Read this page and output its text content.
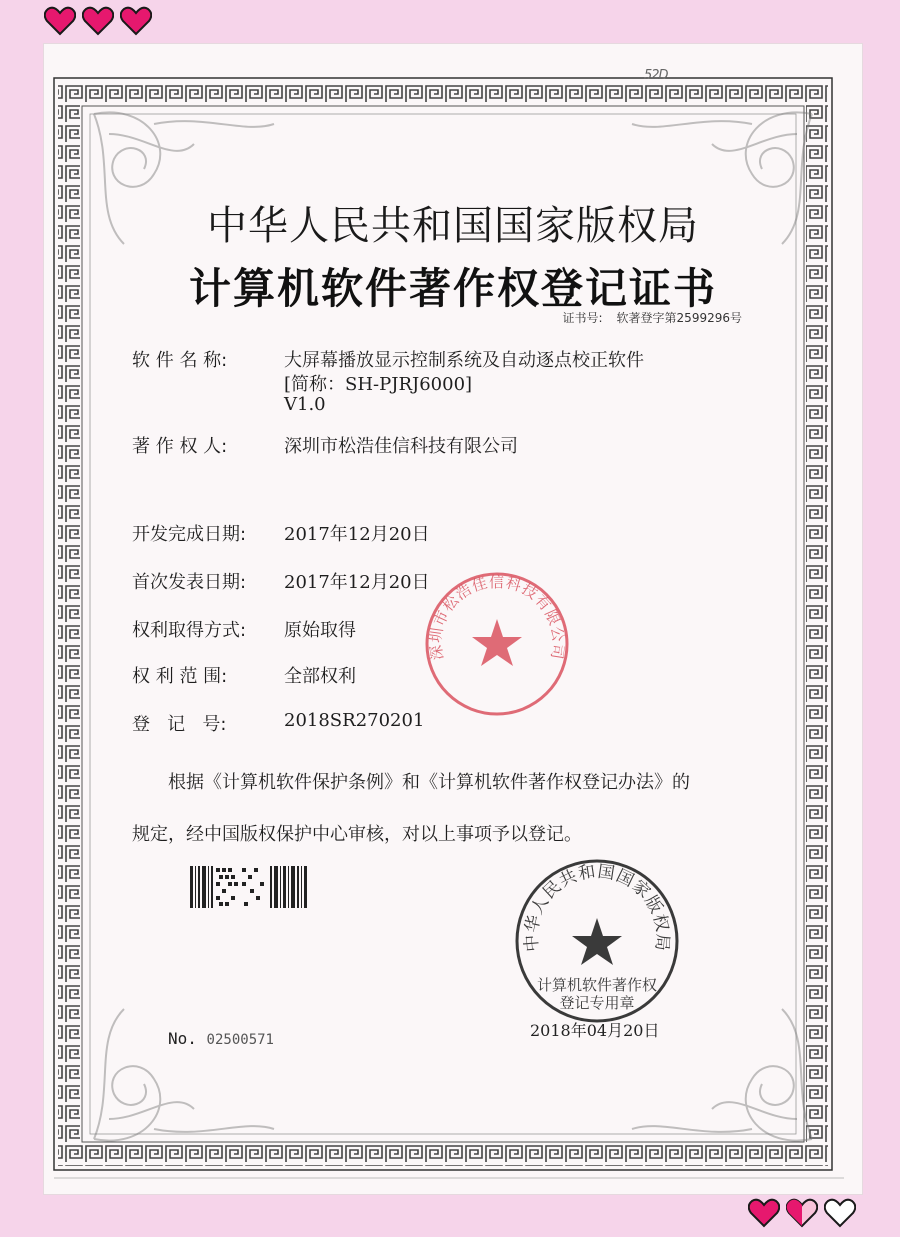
52D
中华人民共和国国家版权局
计算机软件著作权登记证书
证书号: 软著登字第2599296号
软 件 名 称:	大屏幕播放显示控制系统及自动逐点校正软件
[简称：SH-PJRJ6000]
V1.0
著 作 权 人:	深圳市松浩佳信科技有限公司
开发完成日期: 2017年12月20日
首次发表日期: 2017年12月20日
权利取得方式: 原始取得
权 利 范 围:	全部权利
登   记   号:	2018SR270201
根据《计算机软件保护条例》和《计算机软件著作权登记办法》的
规定，经中国版权保护中心审核，对以上事项予以登记。
深圳市松浩佳信科技有限公司
中华人民共和国国家版权局
计算机软件著作权
登记专用章
2018年04月20日
No. 02500571
